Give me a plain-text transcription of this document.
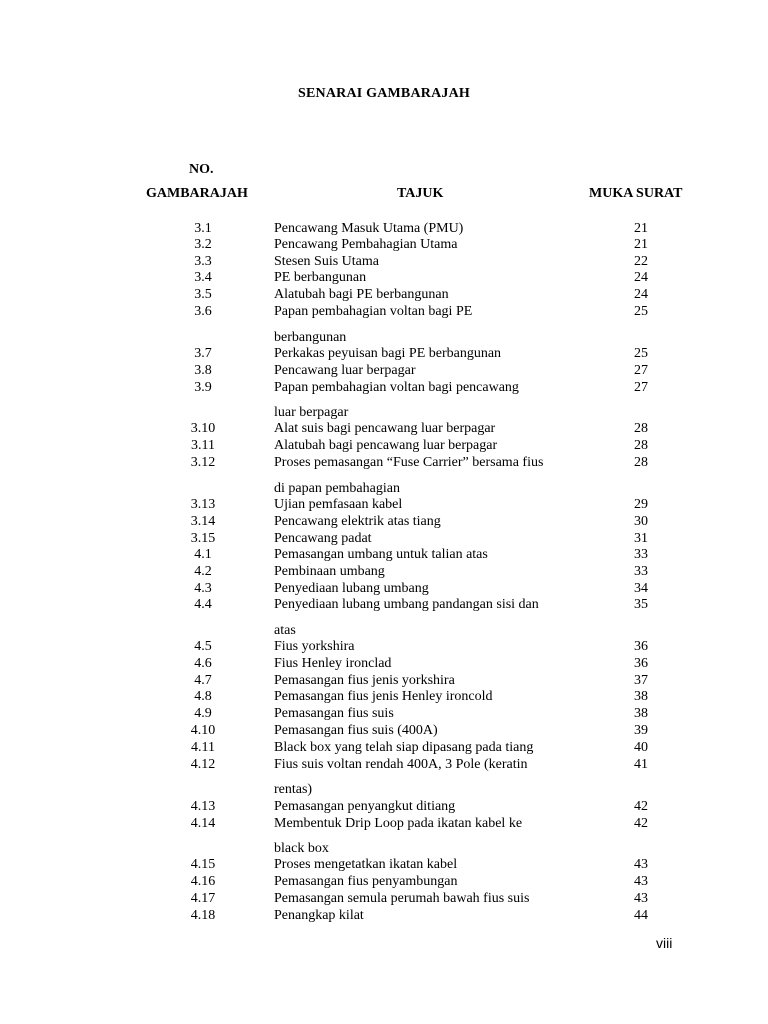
SENARAI GAMBARAJAH
NO.
GAMBARAJAH	TAJUK	MUKA SURAT
3.1	Pencawang Masuk Utama (PMU)	21
3.2	Pencawang Pembahagian Utama	21
3.3	Stesen Suis Utama	22
3.4	PE berbangunan	24
3.5	Alatubah bagi PE berbangunan	24
3.6	Papan pembahagian voltan bagi PE	25
berbangunan
3.7	Perkakas peyuisan bagi PE berbangunan	25
3.8	Pencawang luar berpagar	27
3.9	Papan pembahagian voltan bagi pencawang	27
luar berpagar
3.10	Alat suis bagi pencawang luar berpagar	28
3.11	Alatubah bagi pencawang luar berpagar	28
3.12	Proses pemasangan “Fuse Carrier” bersama fius	28
di papan pembahagian
3.13	Ujian pemfasaan kabel	29
3.14	Pencawang elektrik atas tiang	30
3.15	Pencawang padat	31
4.1	Pemasangan umbang untuk talian atas	33
4.2	Pembinaan umbang	33
4.3	Penyediaan lubang umbang	34
4.4	Penyediaan lubang umbang pandangan sisi dan	35
atas
4.5	Fius yorkshira	36
4.6	Fius Henley ironclad	36
4.7	Pemasangan fius jenis yorkshira	37
4.8	Pemasangan fius jenis Henley ironcold	38
4.9	Pemasangan fius suis	38
4.10	Pemasangan fius suis (400A)	39
4.11	Black box yang telah siap dipasang pada tiang	40
4.12	Fius suis voltan rendah 400A, 3 Pole (keratin	41
rentas)
4.13	Pemasangan penyangkut ditiang	42
4.14	Membentuk Drip Loop pada ikatan kabel ke	42
black box
4.15	Proses mengetatkan ikatan kabel	43
4.16	Pemasangan fius penyambungan	43
4.17	Pemasangan semula perumah bawah fius suis	43
4.18	Penangkap kilat	44
viii
